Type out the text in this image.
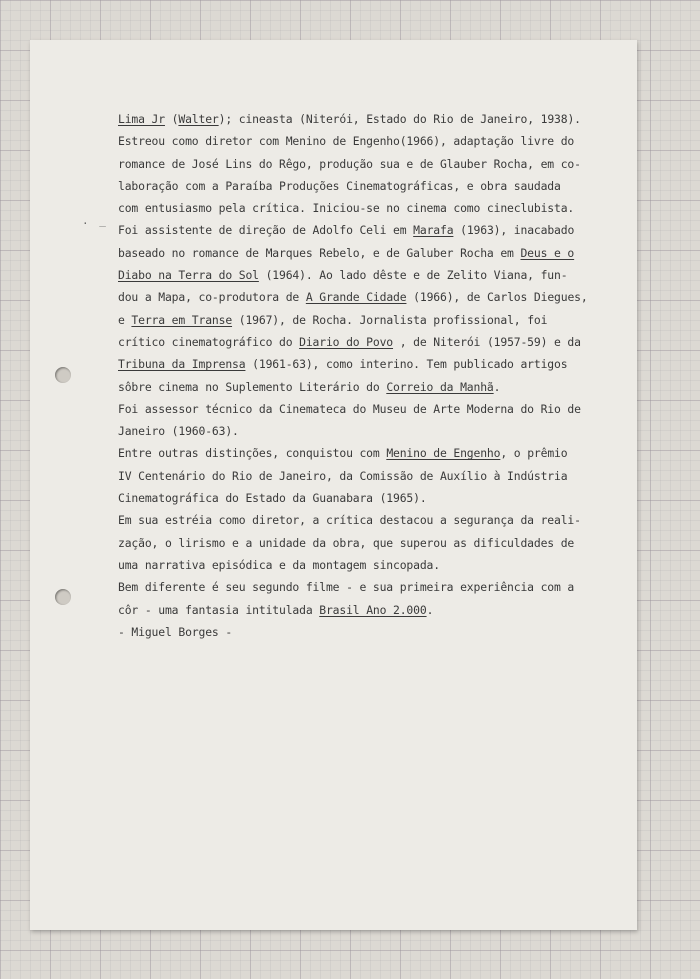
. _
Lima Jr (Walter); cineasta (Niterói, Estado do Rio de Janeiro, 1938).
Estreou como diretor com Menino de Engenho(1966), adaptação livre do
romance de José Lins do Rêgo, produção sua e de Glauber Rocha, em co-
laboração com a Paraíba Produções Cinematográficas, e obra saudada
com entusiasmo pela crítica. Iniciou-se no cinema como cineclubista.
Foi assistente de direção de Adolfo Celi em Marafa (1963), inacabado
baseado no romance de Marques Rebelo, e de Galuber Rocha em Deus e o
Diabo na Terra do Sol (1964). Ao lado dêste e de Zelito Viana, fun-
dou a Mapa, co-produtora de A Grande Cidade (1966), de Carlos Diegues,
e Terra em Transe (1967), de Rocha. Jornalista profissional, foi
crítico cinematográfico do Diario do Povo , de Niterói (1957-59) e da
Tribuna da Imprensa (1961-63), como interino. Tem publicado artigos
sôbre cinema no Suplemento Literário do Correio da Manhã.
Foi assessor técnico da Cinemateca do Museu de Arte Moderna do Rio de
Janeiro (1960-63).
Entre outras distinções, conquistou com Menino de Engenho, o prêmio
IV Centenário do Rio de Janeiro, da Comissão de Auxílio à Indústria
Cinematográfica do Estado da Guanabara (1965).
Em sua estréia como diretor, a crítica destacou a segurança da reali-
zação, o lirismo e a unidade da obra, que superou as dificuldades de
uma narrativa episódica e da montagem sincopada.
Bem diferente é seu segundo filme - e sua primeira experiência com a
côr - uma fantasia intitulada Brasil Ano 2.000.
- Miguel Borges -
